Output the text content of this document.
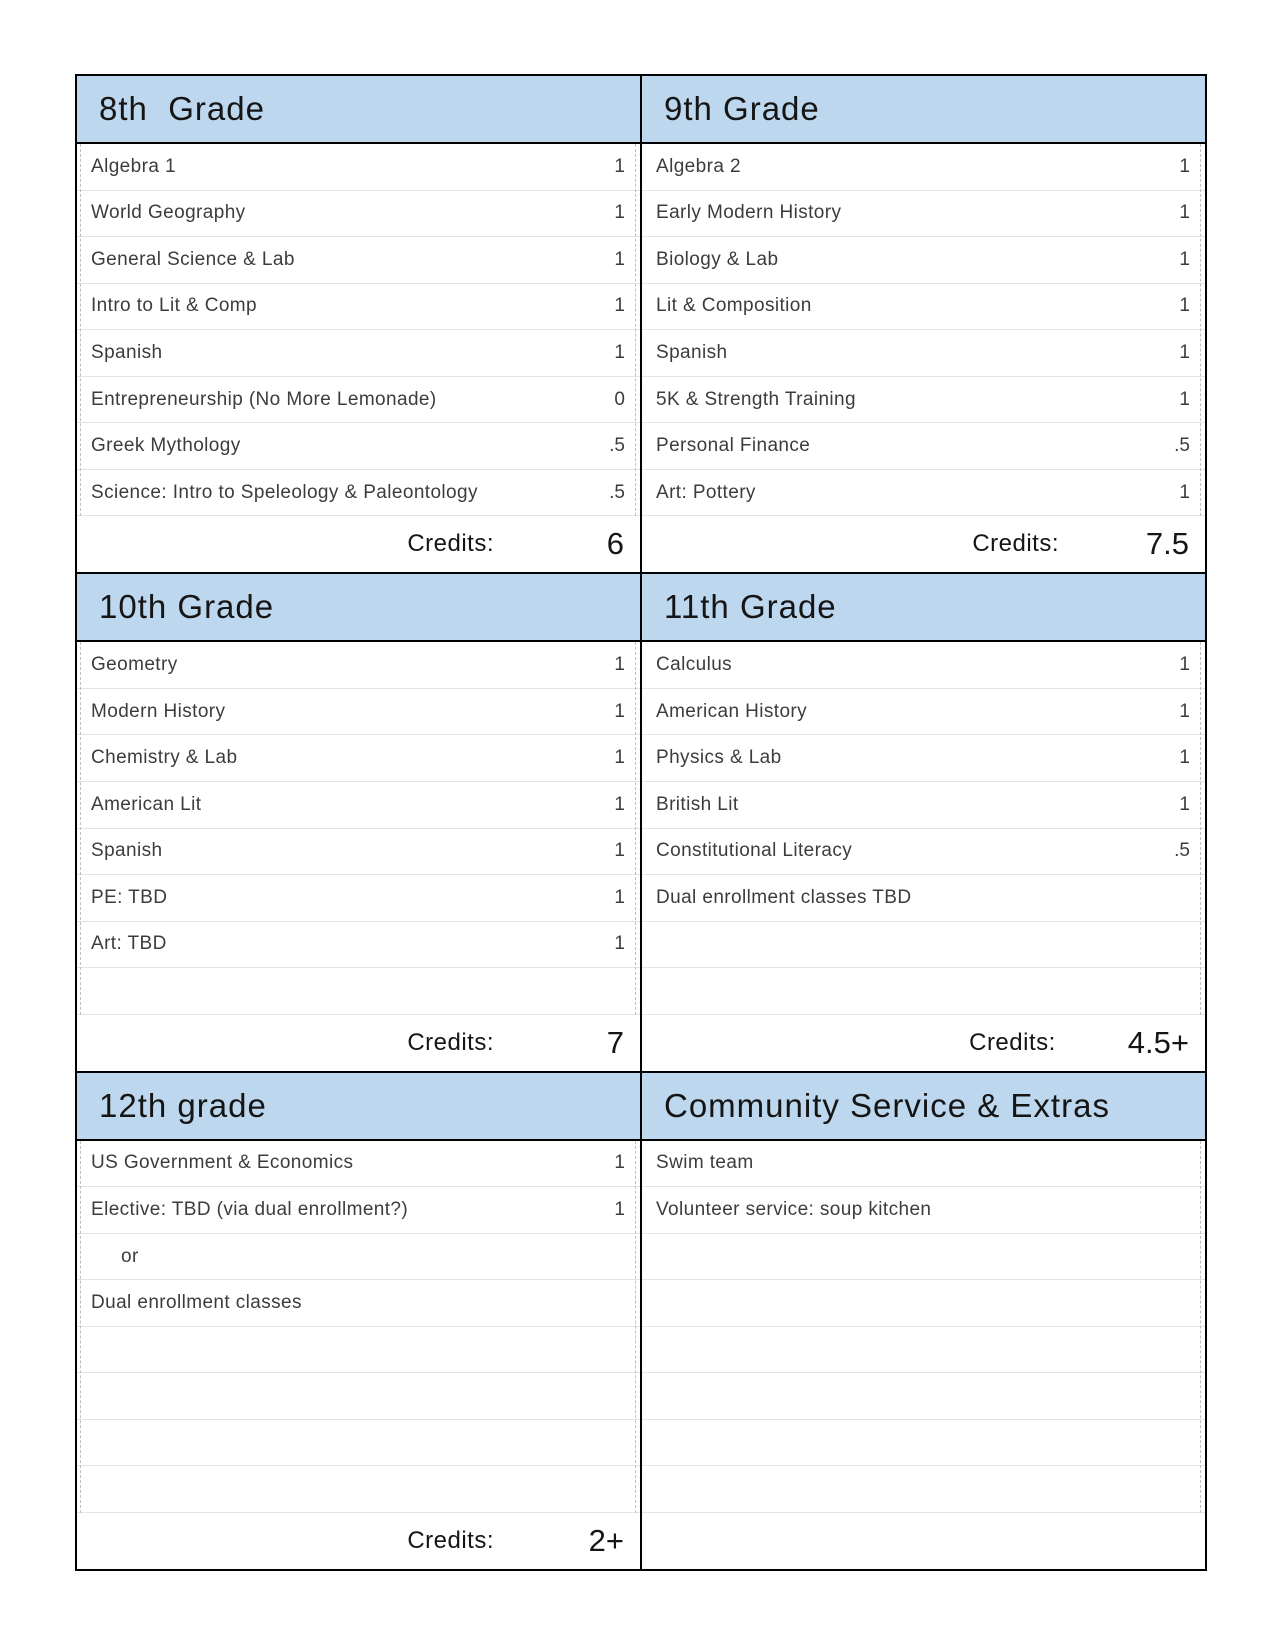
8th  Grade
Algebra 1	1
World Geography	1
General Science & Lab	1
Intro to Lit & Comp	1
Spanish	1
Entrepreneurship (No More Lemonade)	0
Greek Mythology	.5
Science: Intro to Speleology & Paleontology	.5
Credits:	6
9th Grade
Algebra 2	1
Early Modern History	1
Biology & Lab	1
Lit & Composition	1
Spanish	1
5K & Strength Training	1
Personal Finance	.5
Art: Pottery	1
Credits:	7.5
10th Grade
Geometry	1
Modern History	1
Chemistry & Lab	1
American Lit	1
Spanish	1
PE: TBD	1
Art: TBD	1
Credits:	7
11th Grade
Calculus	1
American History	1
Physics & Lab	1
British Lit	1
Constitutional Literacy	.5
Dual enrollment classes TBD
Credits: 4.5+
12th grade
US Government & Economics	1
Elective: TBD (via dual enrollment?)	1
or
Dual enrollment classes
Credits:	2+
Community Service & Extras
Swim team
Volunteer service: soup kitchen
